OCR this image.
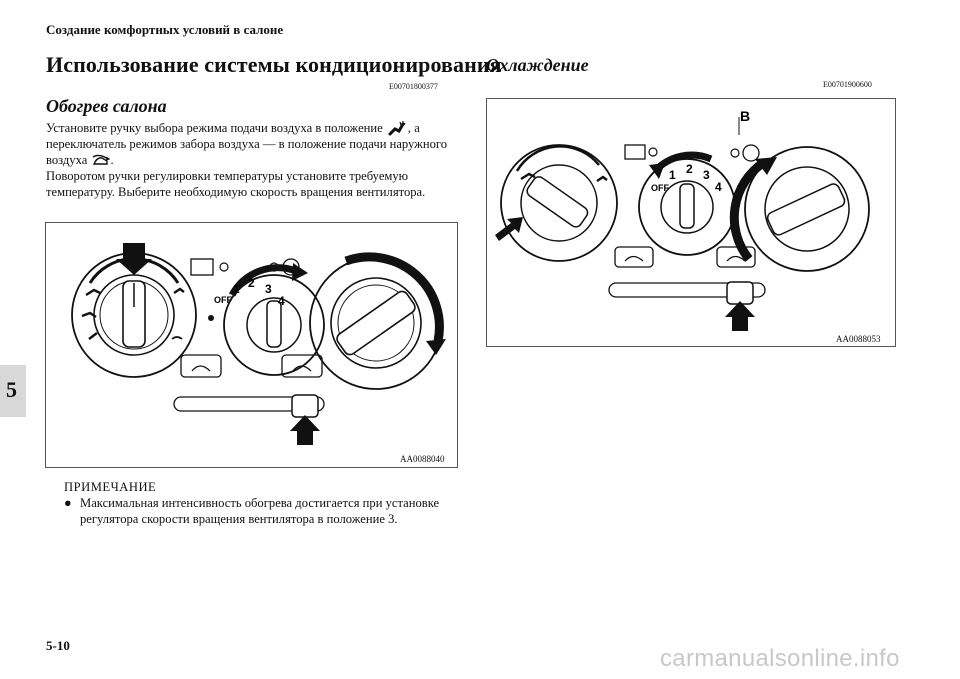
Создание комфортных условий в салоне
Использование системы кондиционирования
E00701800377
Обогрев салона

Установите ручку выбора режима подачи воздуха в положение , а переключатель режимов забора воздуха — в положение подачи наружного воздуха .

Поворотом ручки регулировки температуры установите требуемую температуру. Выберите необходимую скорость вращения вентилятора.

OFF
1 2 3
4
AA0088040
ПРИМЕЧАНИЕ
● Максимальная интенсивность обогрева достигается при установке регулятора скорости вращения вентилятора в положение 3.
Охлаждение
E00701900600
B
OFF
1 2 3
4
AA0088053
5
5-10	carmanualsonline.info
